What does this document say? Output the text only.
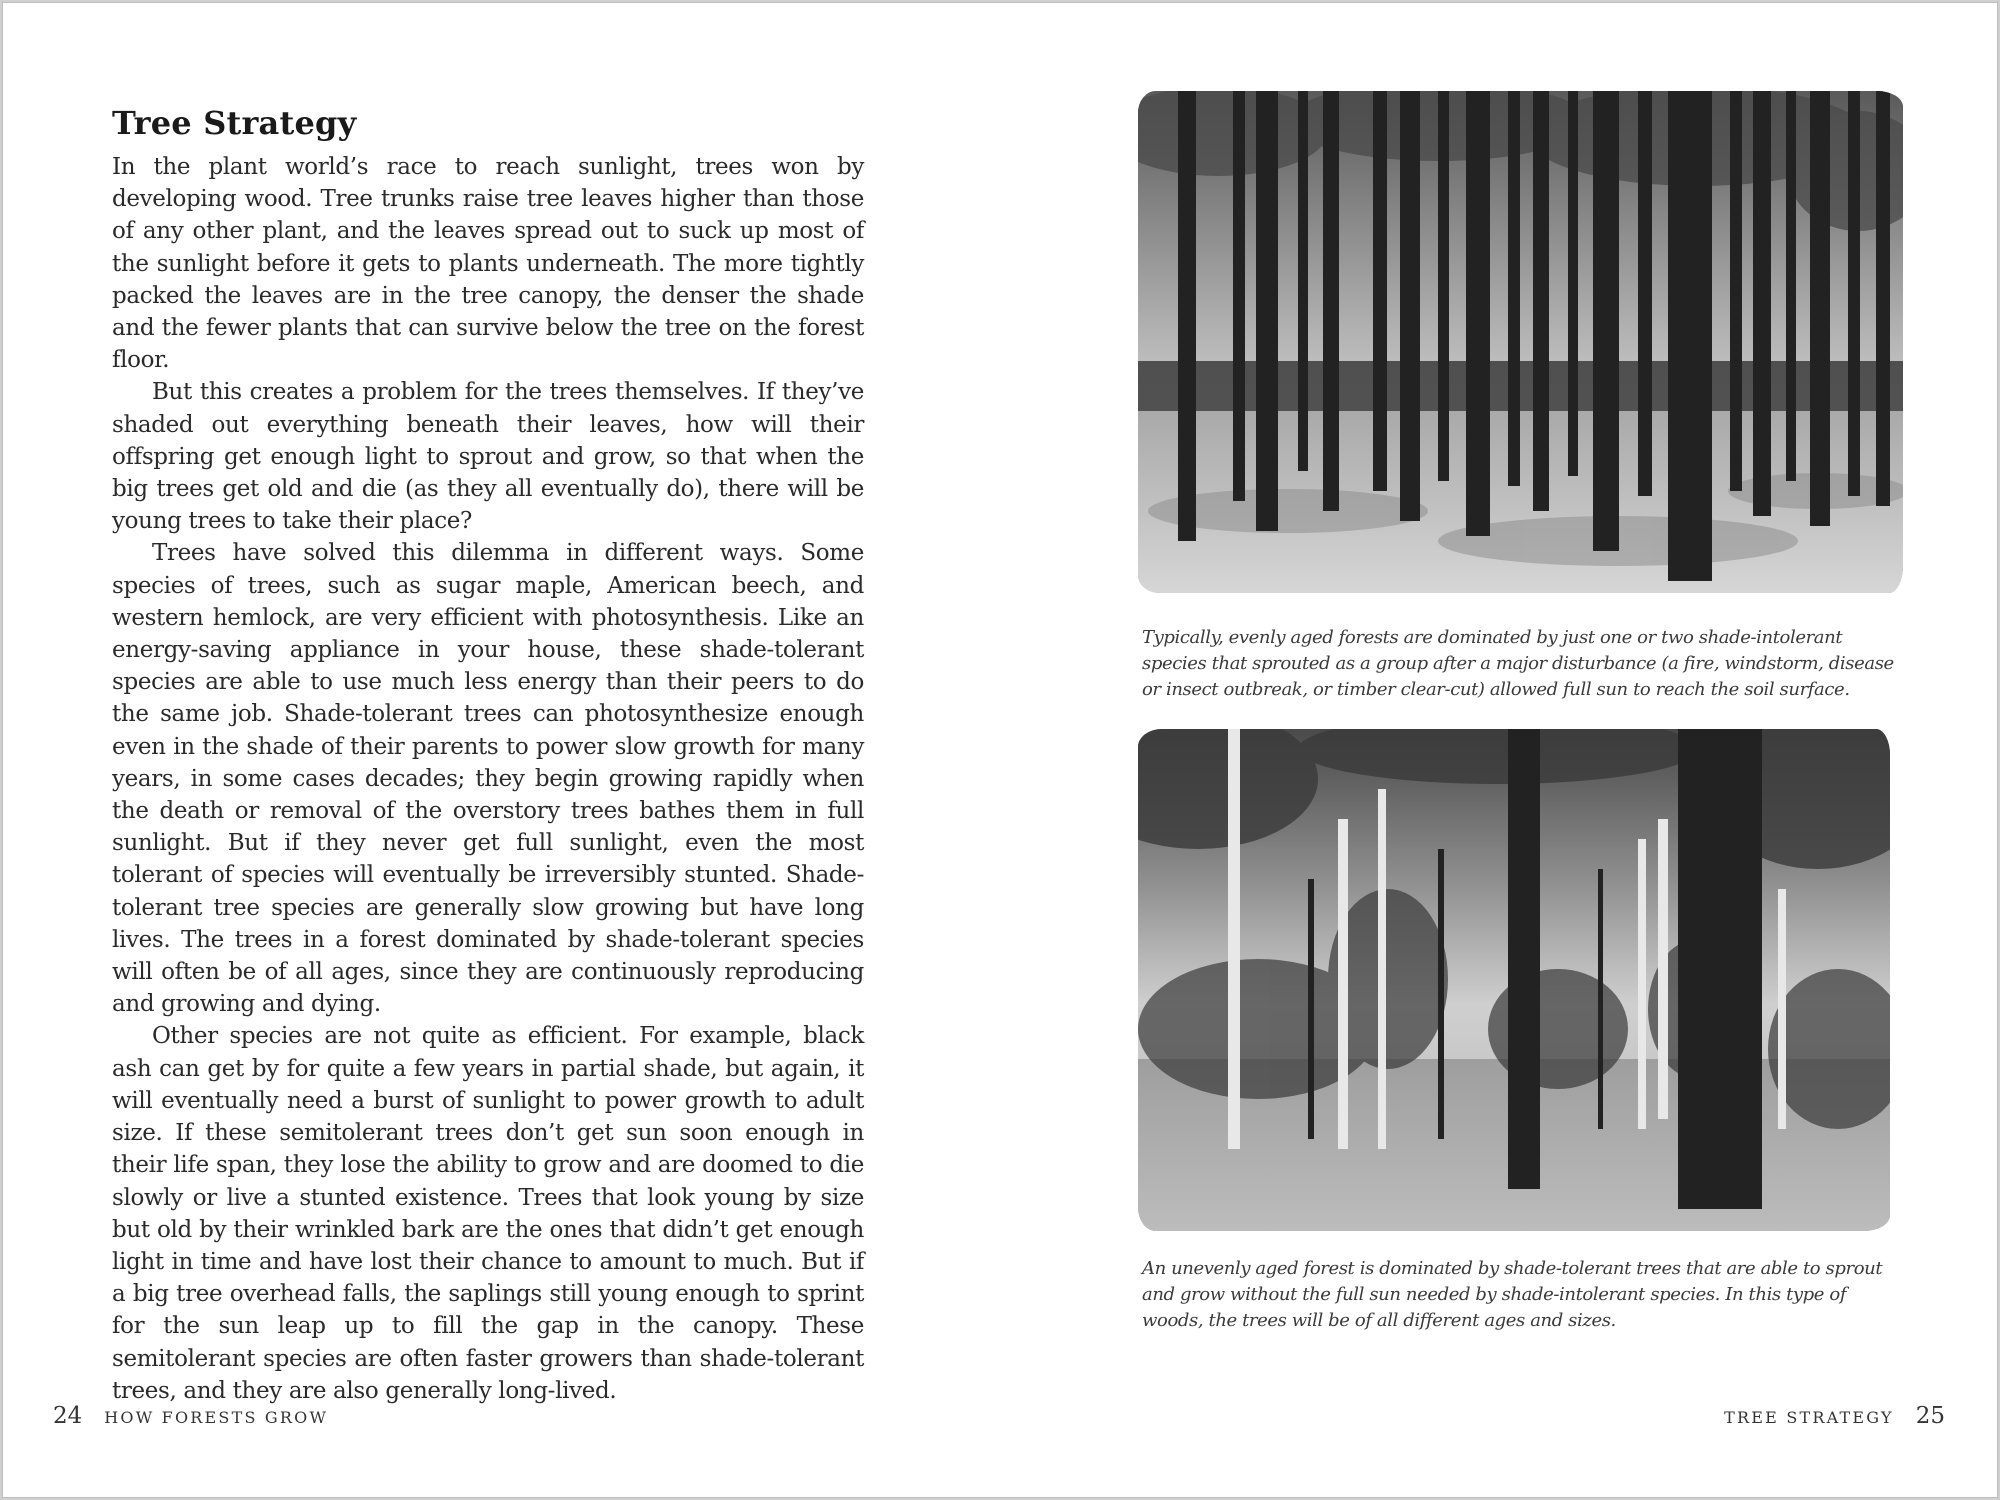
Tree Strategy

In the plant world’s race to reach sunlight, trees won by developing wood. Tree trunks raise tree leaves higher than those of any other plant, and the leaves spread out to suck up most of the sunlight before it gets to plants underneath. The more tightly packed the leaves are in the tree canopy, the denser the shade and the fewer plants that can survive below the tree on the forest floor.

But this creates a problem for the trees themselves. If they’ve shaded out everything beneath their leaves, how will their offspring get enough light to sprout and grow, so that when the big trees get old and die (as they all eventually do), there will be young trees to take their place?

Trees have solved this dilemma in different ways. Some species of trees, such as sugar maple, American beech, and western hemlock, are very efficient with photosynthesis. Like an energy-saving appliance in your house, these shade-tolerant species are able to use much less energy than their peers to do the same job. Shade-tolerant trees can photosynthesize enough even in the shade of their parents to power slow growth for many years, in some cases decades; they begin growing rapidly when the death or removal of the overstory trees bathes them in full sunlight. But if they never get full sunlight, even the most tolerant of species will eventually be irreversibly stunted. Shade-tolerant tree species are generally slow growing but have long lives. The trees in a forest dominated by shade-tolerant species will often be of all ages, since they are continuously reproducing and growing and dying.

Other species are not quite as efficient. For example, black ash can get by for quite a few years in partial shade, but again, it will eventually need a burst of sunlight to power growth to adult size. If these semitolerant trees don’t get sun soon enough in their life span, they lose the ability to grow and are doomed to die slowly or live a stunted existence. Trees that look young by size but old by their wrinkled bark are the ones that didn’t get enough light in time and have lost their chance to amount to much. But if a big tree overhead falls, the saplings still young enough to sprint for the sun leap up to fill the gap in the canopy. These semitolerant species are often faster growers than shade-tolerant trees, and they are also generally long-lived.

24 HOW FORESTS GROW

Typically, evenly aged forests are dominated by just one or two shade-intolerant species that sprouted as a group after a major disturbance (a fire, windstorm, disease or insect outbreak, or timber clear-cut) allowed full sun to reach the soil surface.

An unevenly aged forest is dominated by shade-tolerant trees that are able to sprout and grow without the full sun needed by shade-intolerant species. In this type of woods, the trees will be of all different ages and sizes.

TREE STRATEGY 25
